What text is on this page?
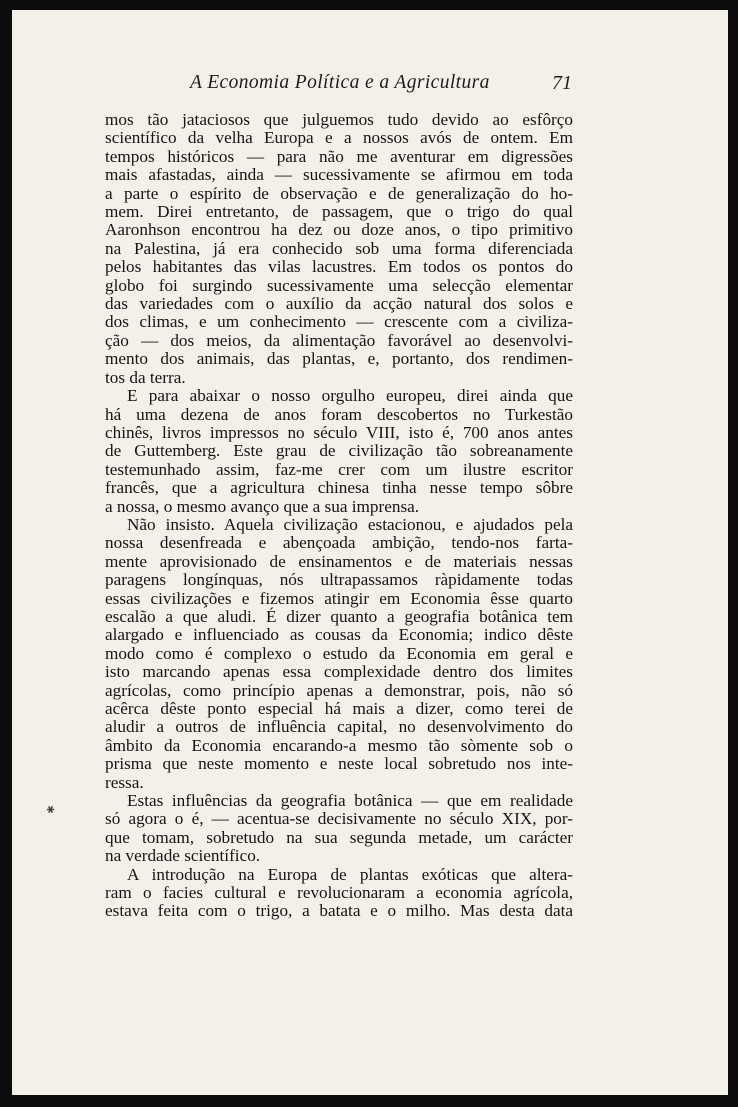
A Economia Política e a Agricultura	71
mos tão jataciosos que julguemos tudo devido ao esfôrço
scientífico da velha Europa e a nossos avós de ontem. Em
tempos históricos — para não me aventurar em digressões
mais afastadas, ainda — sucessivamente se afirmou em toda
a parte o espírito de observação e de generalização do ho-
mem. Direi entretanto, de passagem, que o trigo do qual
Aaronhson encontrou ha dez ou doze anos, o tipo primitivo
na Palestina, já era conhecido sob uma forma diferenciada
pelos habitantes das vilas lacustres. Em todos os pontos do
globo foi surgindo sucessivamente uma selecção elementar
das variedades com o auxílio da acção natural dos solos e
dos climas, e um conhecimento — crescente com a civiliza-
ção — dos meios, da alimentação favorável ao desenvolvi-
mento dos animais, das plantas, e, portanto, dos rendimen-
tos da terra.
E para abaixar o nosso orgulho europeu, direi ainda que
há uma dezena de anos foram descobertos no Turkestão
chinês, livros impressos no século VIII, isto é, 700 anos antes
de Guttemberg. Este grau de civilização tão sobreanamente
testemunhado assim, faz-me crer com um ilustre escritor
francês, que a agricultura chinesa tinha nesse tempo sôbre
a nossa, o mesmo avanço que a sua imprensa.
Não insisto. Aquela civilização estacionou, e ajudados pela
nossa desenfreada e abençoada ambição, tendo-nos farta-
mente aprovisionado de ensinamentos e de materiais nessas
paragens longínquas, nós ultrapassamos ràpidamente todas
essas civilizações e fizemos atingir em Economia êsse quarto
escalão a que aludi. É dizer quanto a geografia botânica tem
alargado e influenciado as cousas da Economia; indico dêste
modo como é complexo o estudo da Economia em geral e
isto marcando apenas essa complexidade dentro dos limites
agrícolas, como princípio apenas a demonstrar, pois, não só
acêrca dêste ponto especial há mais a dizer, como terei de
aludir a outros de influência capital, no desenvolvimento do
âmbito da Economia encarando-a mesmo tão sòmente sob o
prisma que neste momento e neste local sobretudo nos inte-
ressa.
Estas influências da geografia botânica — que em realidade
só agora o é, — acentua-se decisivamente no século XIX, por-
que tomam, sobretudo na sua segunda metade, um carácter
na verdade scientífico.
A introdução na Europa de plantas exóticas que altera-
ram o facies cultural e revolucionaram a economia agrícola,
estava feita com o trigo, a batata e o milho. Mas desta data
✱
